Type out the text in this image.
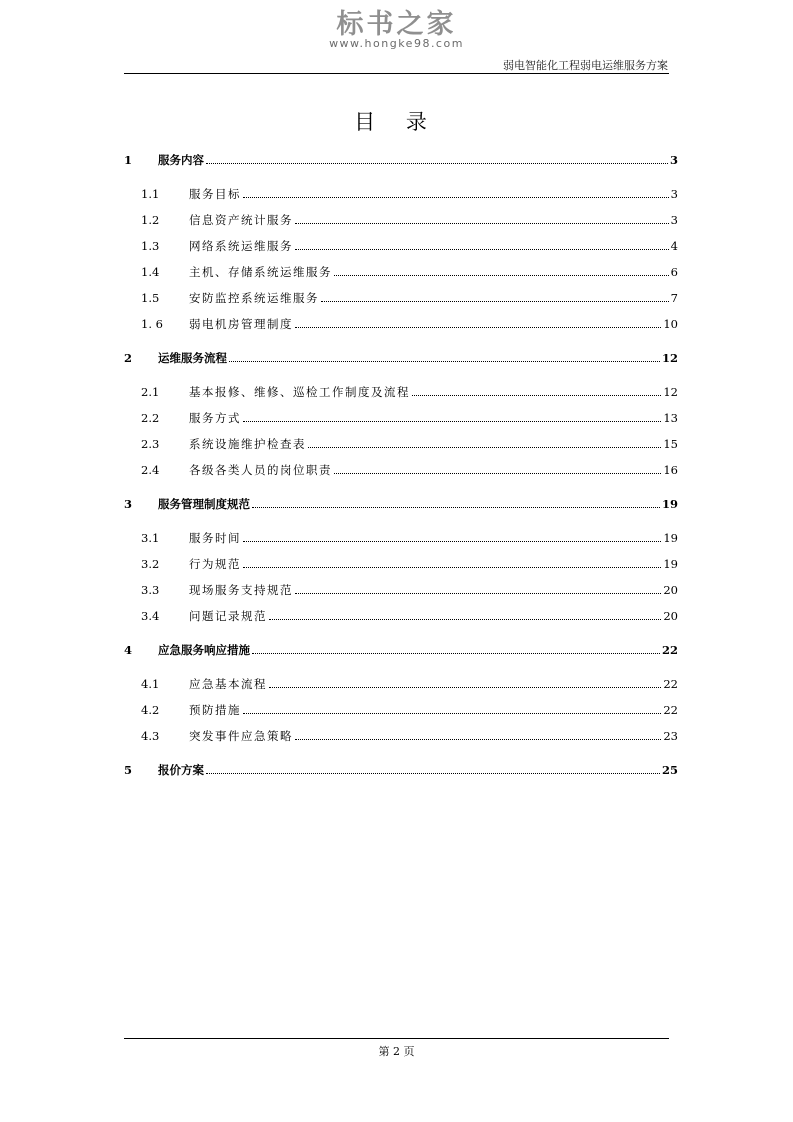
标书之家
www.hongke98.com
弱电智能化工程弱电运维服务方案
目 录
1	服务内容	3
1.1	服务目标	3
1.2	信息资产统计服务	3
1.3	网络系统运维服务	4
1.4	主机、存储系统运维服务	6
1.5	安防监控系统运维服务	7
1. 6	弱电机房管理制度	10
2	运维服务流程	12
2.1	基本报修、维修、巡检工作制度及流程	12
2.2	服务方式	13
2.3	系统设施维护检查表	15
2.4	各级各类人员的岗位职责	16
3	服务管理制度规范	19
3.1	服务时间	19
3.2	行为规范	19
3.3	现场服务支持规范	20
3.4	问题记录规范	20
4	应急服务响应措施	22
4.1	应急基本流程	22
4.2	预防措施	22
4.3	突发事件应急策略	23
5	报价方案	25
第 2 页
